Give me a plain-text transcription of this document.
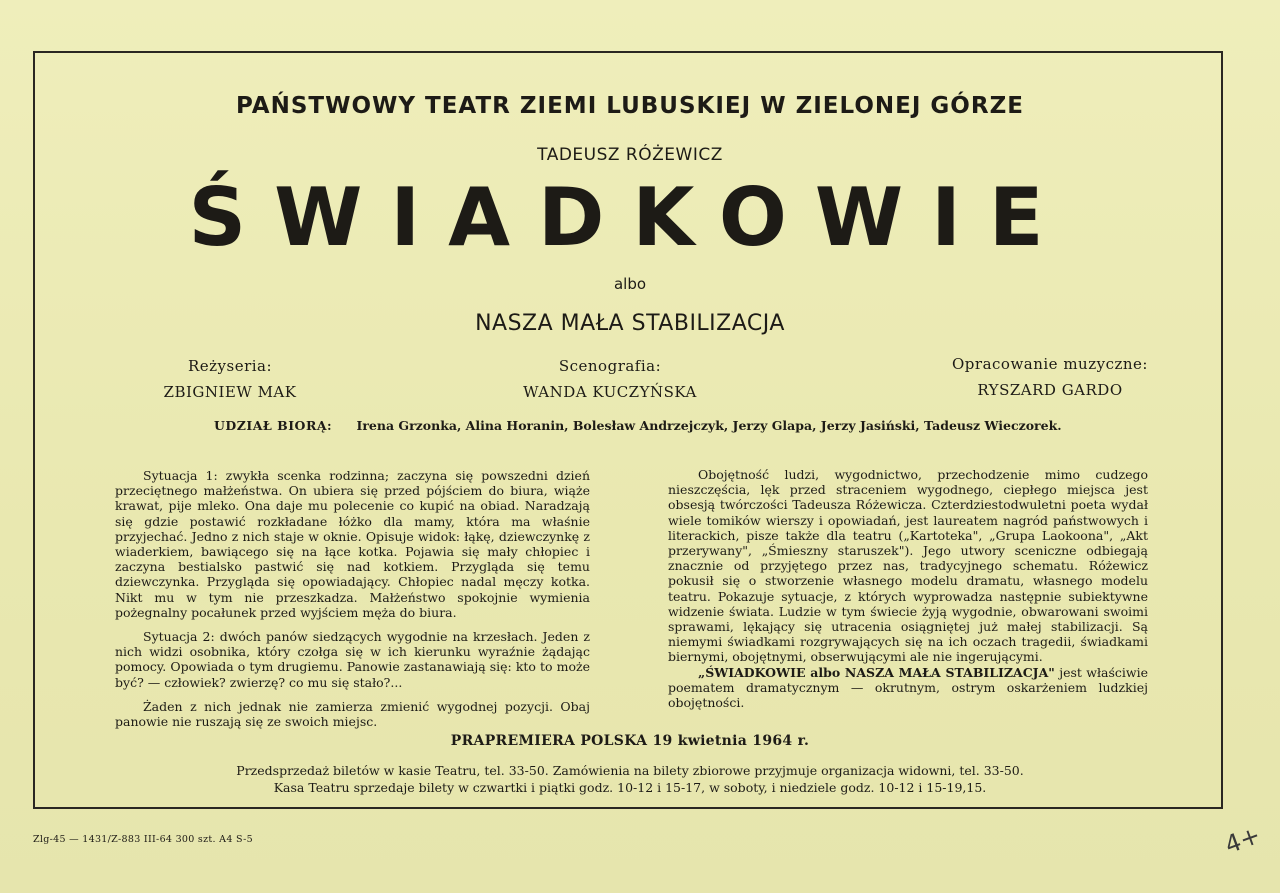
PAŃSTWOWY TEATR ZIEMI LUBUSKIEJ W ZIELONEJ GÓRZE
TADEUSZ RÓŻEWICZ
ŚWIADKOWIE
albo
NASZA MAŁA STABILIZACJA
Reżyseria:
ZBIGNIEW MAK
Scenografia:
WANDA KUCZYŃSKA
Opracowanie muzyczne:
RYSZARD GARDO
UDZIAŁ BIORĄ: Irena Grzonka, Alina Horanin, Bolesław Andrzejczyk, Jerzy Glapa, Jerzy Jasiński, Tadeusz Wieczorek.

Sytuacja 1: zwykła scenka rodzinna; zaczyna się powszedni dzień przeciętnego małżeństwa. On ubiera się przed pójściem do biura, wiąże krawat, pije mleko. Ona daje mu polecenie co kupić na obiad. Naradzają się gdzie postawić rozkładane łóżko dla mamy, która ma właśnie przyjechać. Jedno z nich staje w oknie. Opisuje widok: łąkę, dziewczynkę z wiaderkiem, bawiącego się na łące kotka. Pojawia się mały chłopiec i zaczyna bestialsko pastwić się nad kotkiem. Przygląda się temu dziewczynka. Przygląda się opowiadający. Chłopiec nadal męczy kotka. Nikt mu w tym nie przeszkadza. Małżeństwo spokojnie wymienia pożegnalny pocałunek przed wyjściem męża do biura.

Sytuacja 2: dwóch panów siedzących wygodnie na krzesłach. Jeden z nich widzi osobnika, który czołga się w ich kierunku wyraźnie żądając pomocy. Opowiada o tym drugiemu. Panowie zastanawiają się: kto to może być? — człowiek? zwierzę? co mu się stało?...

Żaden z nich jednak nie zamierza zmienić wygodnej pozycji. Obaj panowie nie ruszają się ze swoich miejsc.

Obojętność ludzi, wygodnictwo, przechodzenie mimo cudzego nieszczęścia, lęk przed straceniem wygodnego, ciepłego miejsca jest obsesją twórczości Tadeusza Różewicza. Czterdziestodwuletni poeta wydał wiele tomików wierszy i opowiadań, jest laureatem nagród państwowych i literackich, pisze także dla teatru („Kartoteka", „Grupa Laokoona", „Akt przerywany", „Śmieszny staruszek"). Jego utwory sceniczne odbiegają znacznie od przyjętego przez nas, tradycyjnego schematu. Różewicz pokusił się o stworzenie własnego modelu dramatu, własnego modelu teatru. Pokazuje sytuacje, z których wyprowadza następnie subiektywne widzenie świata. Ludzie w tym świecie żyją wygodnie, obwarowani swoimi sprawami, lękający się utracenia osiągniętej już małej stabilizacji. Są niemymi świadkami rozgrywających się na ich oczach tragedii, świadkami biernymi, obojętnymi, obserwującymi ale nie ingerującymi.

„ŚWIADKOWIE albo NASZA MAŁA STABILIZACJA" jest właściwie poematem dramatycznym — okrutnym, ostrym oskarżeniem ludzkiej obojętności.

PRAPREMIERA POLSKA 19 kwietnia 1964 r.
Przedsprzedaż biletów w kasie Teatru, tel. 33-50. Zamówienia na bilety zbiorowe przyjmuje organizacja widowni, tel. 33-50.
Kasa Teatru sprzedaje bilety w czwartki i piątki godz. 10-12 i 15-17, w soboty, i niedziele godz. 10-12 i 15-19,15.
Zlg-45 — 1431/Z-883 III-64 300 szt. A4 S-5	4+
